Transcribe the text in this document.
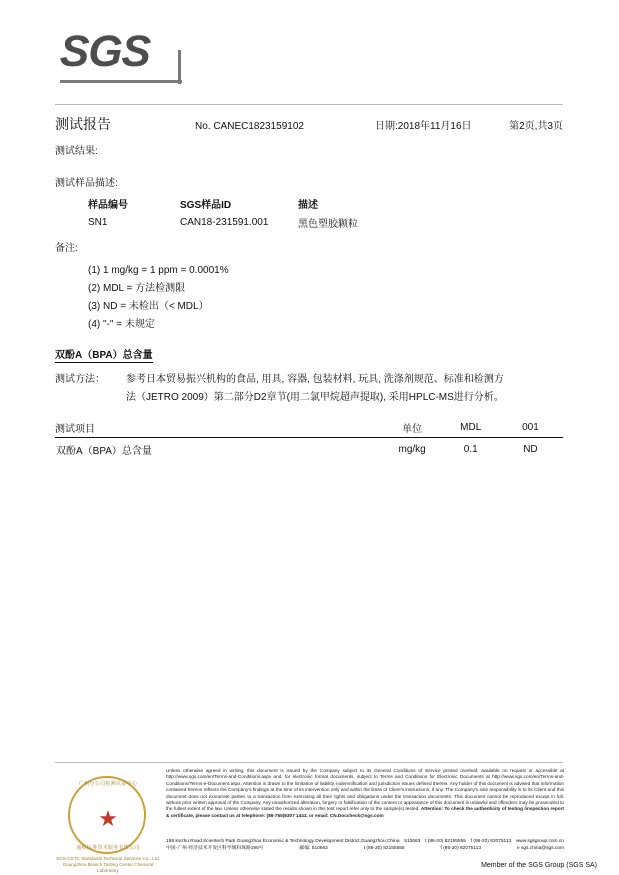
SGS
测试报告	No. CANEC1823159102	日期:2018年11月16日	第2页,共3页
测试结果:
测试样品描述:
样品编号	SGS样品ID	描述
SN1	CAN18-231591.001	黑色塑胶颗粒
备注:
(1) 1 mg/kg = 1 ppm = 0.0001%
(2) MDL = 方法检测限
(3) ND = 未检出（< MDL）
(4) "-" = 未规定
双酚A（BPA）总含量
测试方法： 参考日本贸易振兴机构的食品, 用具, 容器, 包装材料, 玩具, 洗涤剂规范、标准和检测方
法（JETRO 2009）第二部分D2章节(用二氯甲烷超声提取), 采用HPLC-MS进行分析。
测试项目	单位	MDL	001
双酚A（BPA）总含量	mg/kg	0.1	ND
广州分公司检测认证中心
★
通标标准技术服务有限公司
SGS-CSTC Standards Technical Services Co., Ltd.
Guangzhou Branch Testing Center Chemical Laboratory
Unless otherwise agreed in writing, this document is issued by the Company subject to its General Conditions of Service printed overleaf, available on request or accessible at http://www.sgs.com/en/Terms-and-Conditions.aspx and, for electronic format documents, subject to Terms and Conditions for Electronic Documents at http://www.sgs.com/en/Terms-and-Conditions/Terms-e-Document.aspx. Attention is drawn to the limitation of liability, indemnification and jurisdiction issues defined therein. Any holder of this document is advised that information contained hereon reflects the Company's findings at the time of its intervention only and within the limits of Client's instructions, if any. The Company's sole responsibility is to its Client and this document does not exonerate parties to a transaction from exercising all their rights and obligations under the transaction documents. This document cannot be reproduced except in full, without prior written approval of the Company. Any unauthorized alteration, forgery or falsification of the content or appearance of this document is unlawful and offenders may be prosecuted to the fullest extent of the law. Unless otherwise stated the results shown in this test report refer only to the sample(s) tested. Attention: To check the authenticity of testing /inspection report & certificate, please contact us at telephone: (86-755)8307 1443, or email: CN.Doccheck@sgs.com
198 Kezhu Road,Scientech Park Guangzhou Economic & Technology Development District,Guangzhou,China 510663 t (86-20) 82155555 f (86-20) 82075113 www.sgsgroup.com.cn
中国·广州·经济技术开发区科学城科珠路198号	邮编: 510663	t (86-20) 82155555	f (86-20) 82075113	e sgs.china@sgs.com
Member of the SGS Group (SGS SA)
